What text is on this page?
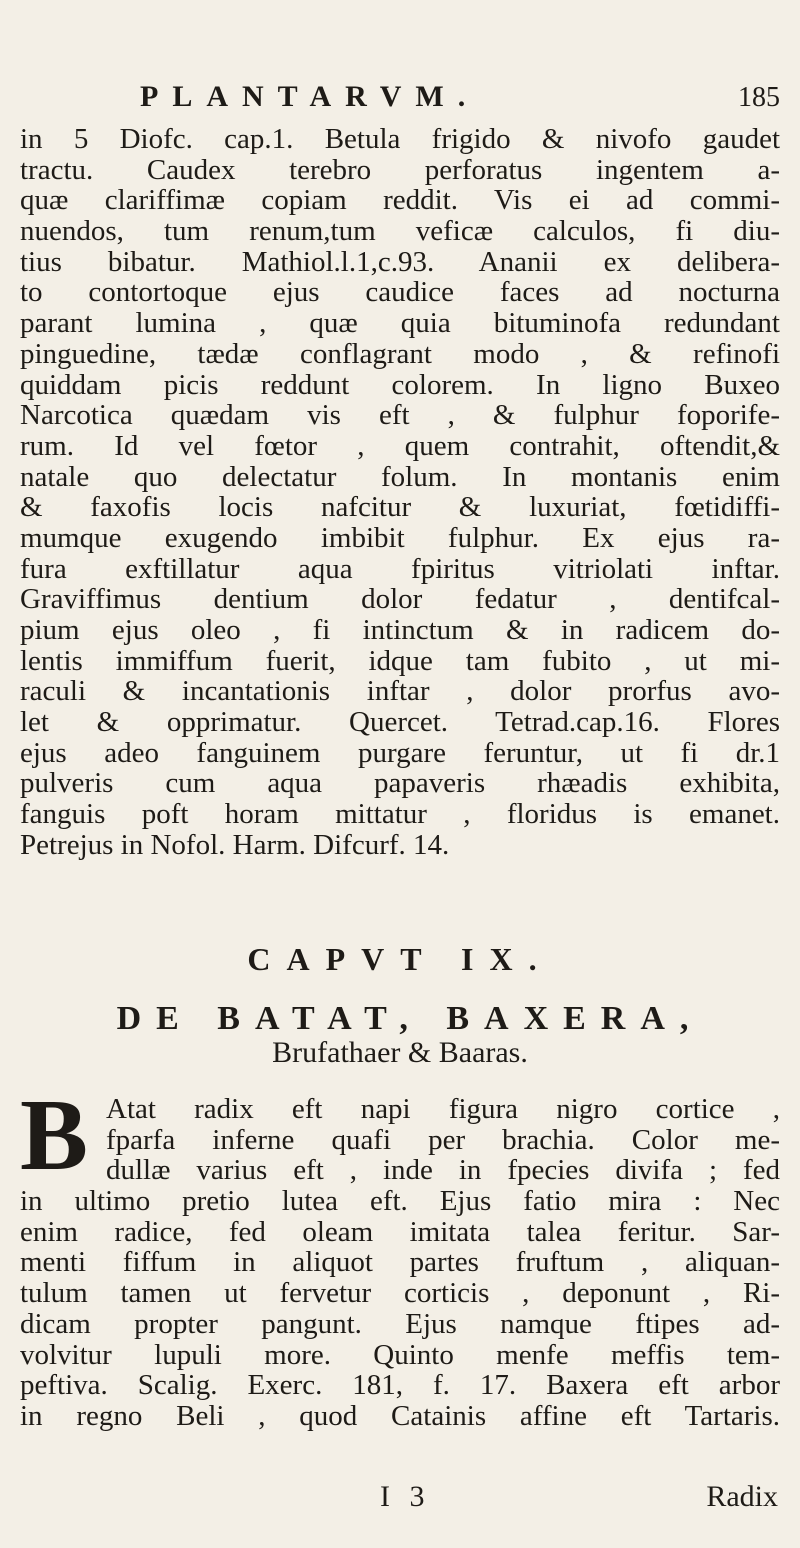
PLANTARVM.	185
in 5 Diofc. cap.1. Betula frigido & nivofo gaudet
tractu. Caudex terebro perforatus ingentem a-
quæ clariffimæ copiam reddit. Vis ei ad commi-
nuendos, tum renum,tum veficæ calculos, fi diu-
tius bibatur. Mathiol.l.1,c.93. Ananii ex delibera-
to contortoque ejus caudice faces ad nocturna
parant lumina , quæ quia bituminofa redundant
pinguedine, tædæ conflagrant modo , & refinofi
quiddam picis reddunt colorem. In ligno Buxeo
Narcotica quædam vis eft , & fulphur foporife-
rum. Id vel fœtor , quem contrahit, oftendit,&
natale quo delectatur folum. In montanis enim
& faxofis locis nafcitur & luxuriat, fœtidiffi-
mumque exugendo imbibit fulphur. Ex ejus ra-
fura exftillatur aqua fpiritus vitriolati inftar.
Graviffimus dentium dolor fedatur , dentifcal-
pium ejus oleo , fi intinctum & in radicem do-
lentis immiffum fuerit, idque tam fubito , ut mi-
raculi & incantationis inftar , dolor prorfus avo-
let & opprimatur. Quercet. Tetrad.cap.16. Flores
ejus adeo fanguinem purgare feruntur, ut fi dr.1
pulveris cum aqua papaveris rhæadis exhibita,
fanguis poft horam mittatur , floridus is emanet.
Petrejus in Nofol. Harm. Difcurf. 14.
CAPVT IX.
DE BATAT, BAXERA,
Brufathaer & Baaras.
B Atat radix eft napi figura nigro cortice ,
fparfa inferne quafi per brachia. Color me-
dullæ varius eft , inde in fpecies divifa ; fed
in ultimo pretio lutea eft. Ejus fatio mira : Nec
enim radice, fed oleam imitata talea feritur. Sar-
menti fiffum in aliquot partes fruftum , aliquan-
tulum tamen ut fervetur corticis , deponunt , Ri-
dicam propter pangunt. Ejus namque ftipes ad-
volvitur lupuli more. Quinto menfe meffis tem-
peftiva. Scalig. Exerc. 181, f. 17. Baxera eft arbor
in regno Beli , quod Catainis affine eft Tartaris.
I 3	Radix
